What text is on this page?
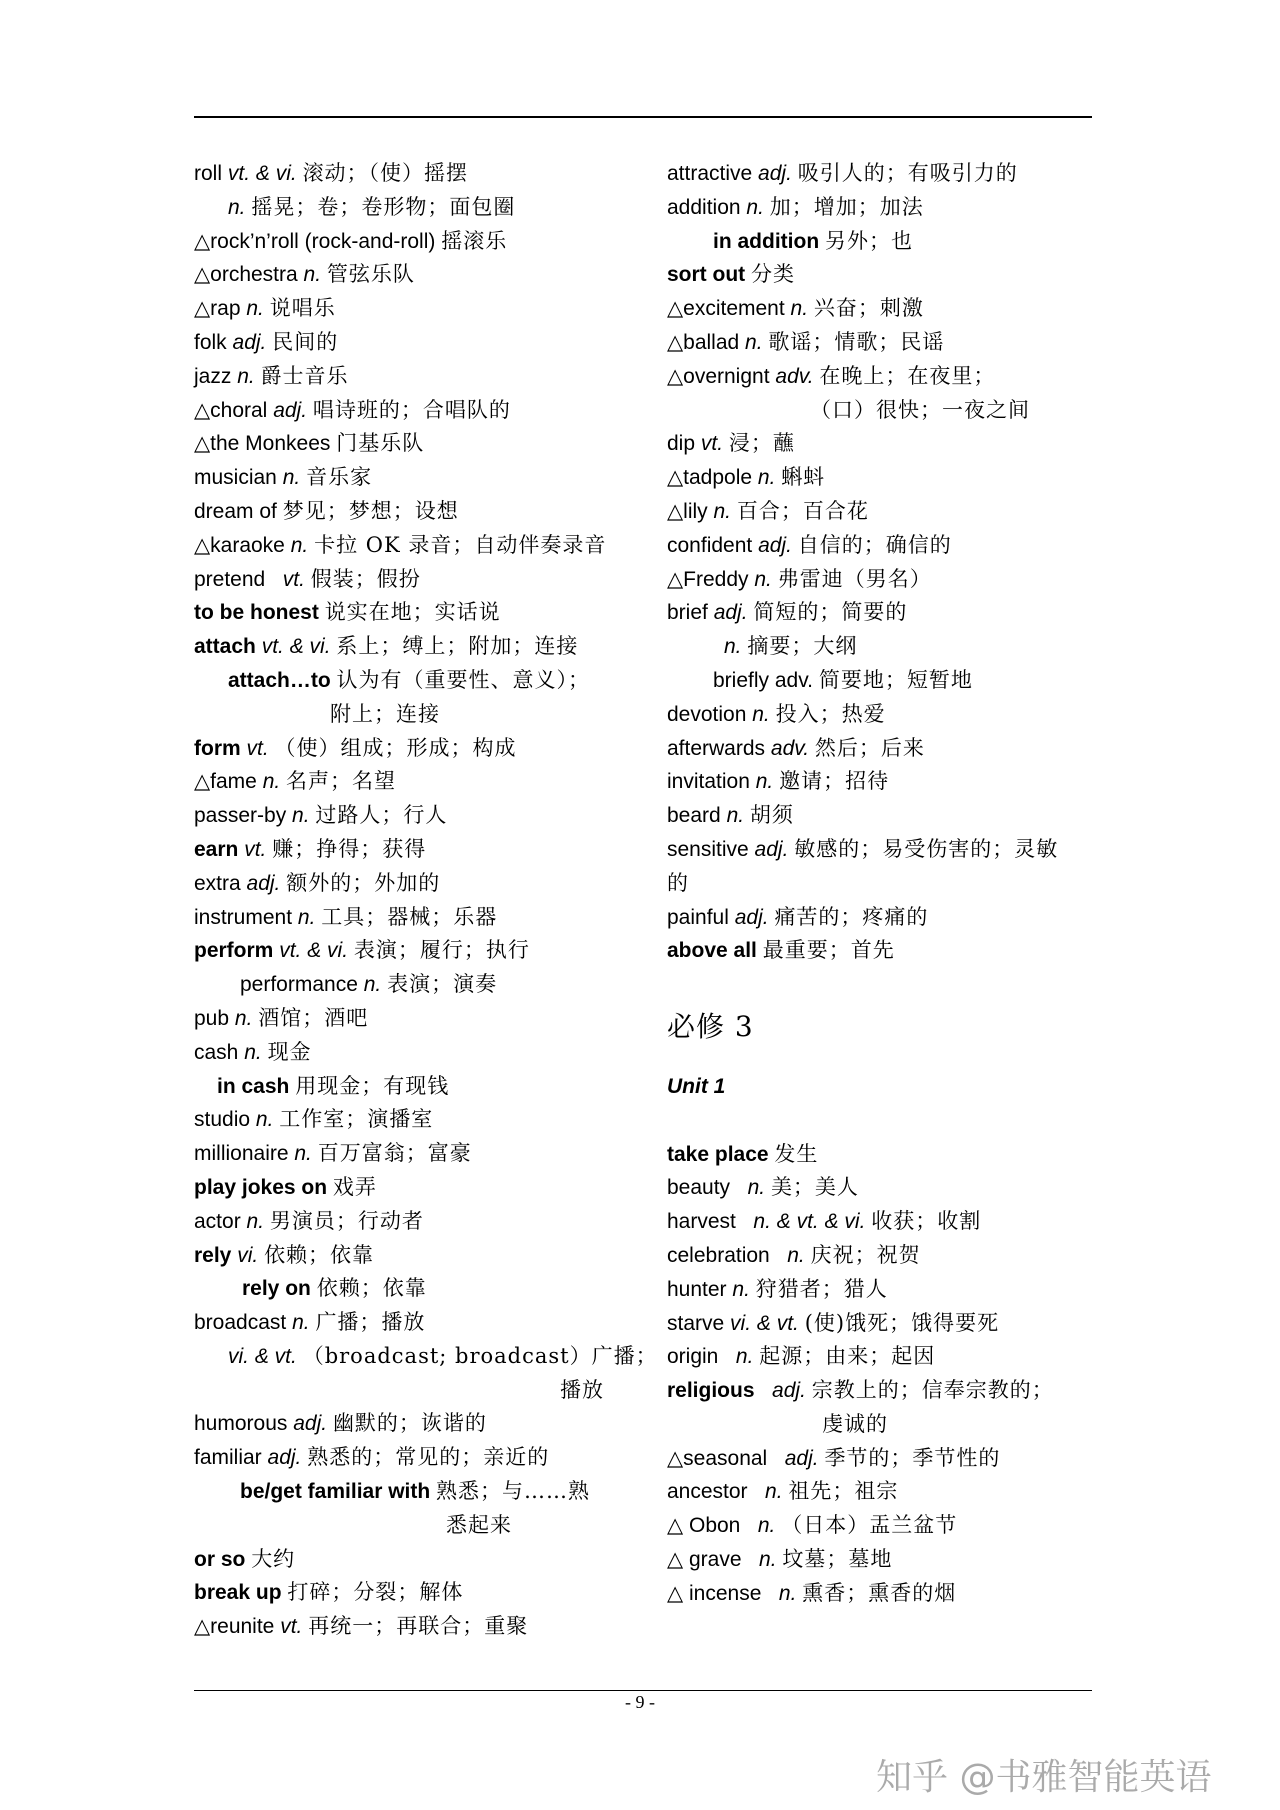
roll vt. & vi. 滚动；（使）摇摆
n. 摇晃；卷；卷形物；面包圈
△rock’n’roll (rock-and-roll) 摇滚乐
△orchestra n. 管弦乐队
△rap n. 说唱乐
folk adj. 民间的
jazz n. 爵士音乐
△choral adj. 唱诗班的；合唱队的
△the Monkees 门基乐队
musician n. 音乐家
dream of 梦见；梦想；设想
△karaoke n. 卡拉 OK 录音；自动伴奏录音
pretend   vt. 假装；假扮
to be honest 说实在地；实话说
attach vt. & vi. 系上；缚上；附加；连接
attach…to 认为有（重要性、意义）；
附上；连接
form vt. （使）组成；形成；构成
△fame n. 名声；名望
passer-by n. 过路人；行人
earn vt. 赚；挣得；获得
extra adj. 额外的；外加的
instrument n. 工具；器械；乐器
perform vt. & vi. 表演；履行；执行
performance n. 表演；演奏
pub n. 酒馆；酒吧
cash n. 现金
in cash 用现金；有现钱
studio n. 工作室；演播室
millionaire n. 百万富翁；富豪
play jokes on 戏弄
actor n. 男演员；行动者
rely vi. 依赖；依靠
rely on 依赖；依靠
broadcast n. 广播；播放
vi. & vt. （broadcast; broadcast）广播；
播放
humorous adj. 幽默的；诙谐的
familiar adj. 熟悉的；常见的；亲近的
be/get familiar with 熟悉；与……熟
悉起来
or so 大约
break up 打碎；分裂；解体
△reunite vt. 再统一；再联合；重聚
attractive adj. 吸引人的；有吸引力的
addition n. 加；增加；加法
in addition 另外；也
sort out 分类
△excitement n. 兴奋；刺激
△ballad n. 歌谣；情歌；民谣
△overnignt adv. 在晚上；在夜里；
（口）很快；一夜之间
dip vt. 浸；蘸
△tadpole n. 蝌蚪
△lily n. 百合；百合花
confident adj. 自信的；确信的
△Freddy n. 弗雷迪（男名）
brief adj. 简短的；简要的
n. 摘要；大纲
briefly adv. 简要地；短暂地
devotion n. 投入；热爱
afterwards adv. 然后；后来
invitation n. 邀请；招待
beard n. 胡须
sensitive adj. 敏感的；易受伤害的；灵敏
的
painful adj. 痛苦的；疼痛的
above all 最重要；首先
必修 3
Unit 1
take place 发生
beauty   n. 美；美人
harvest   n. & vt. & vi. 收获；收割
celebration   n. 庆祝；祝贺
hunter n. 狩猎者；猎人
starve vi. & vt. (使)饿死；饿得要死
origin   n. 起源；由来；起因
religious   adj. 宗教上的；信奉宗教的；
虔诚的
△seasonal   adj. 季节的；季节性的
ancestor   n. 祖先；祖宗
△ Obon   n. （日本）盂兰盆节
△ grave   n. 坟墓；墓地
△ incense   n. 熏香；熏香的烟
- 9 -
知乎 @书雅智能英语
